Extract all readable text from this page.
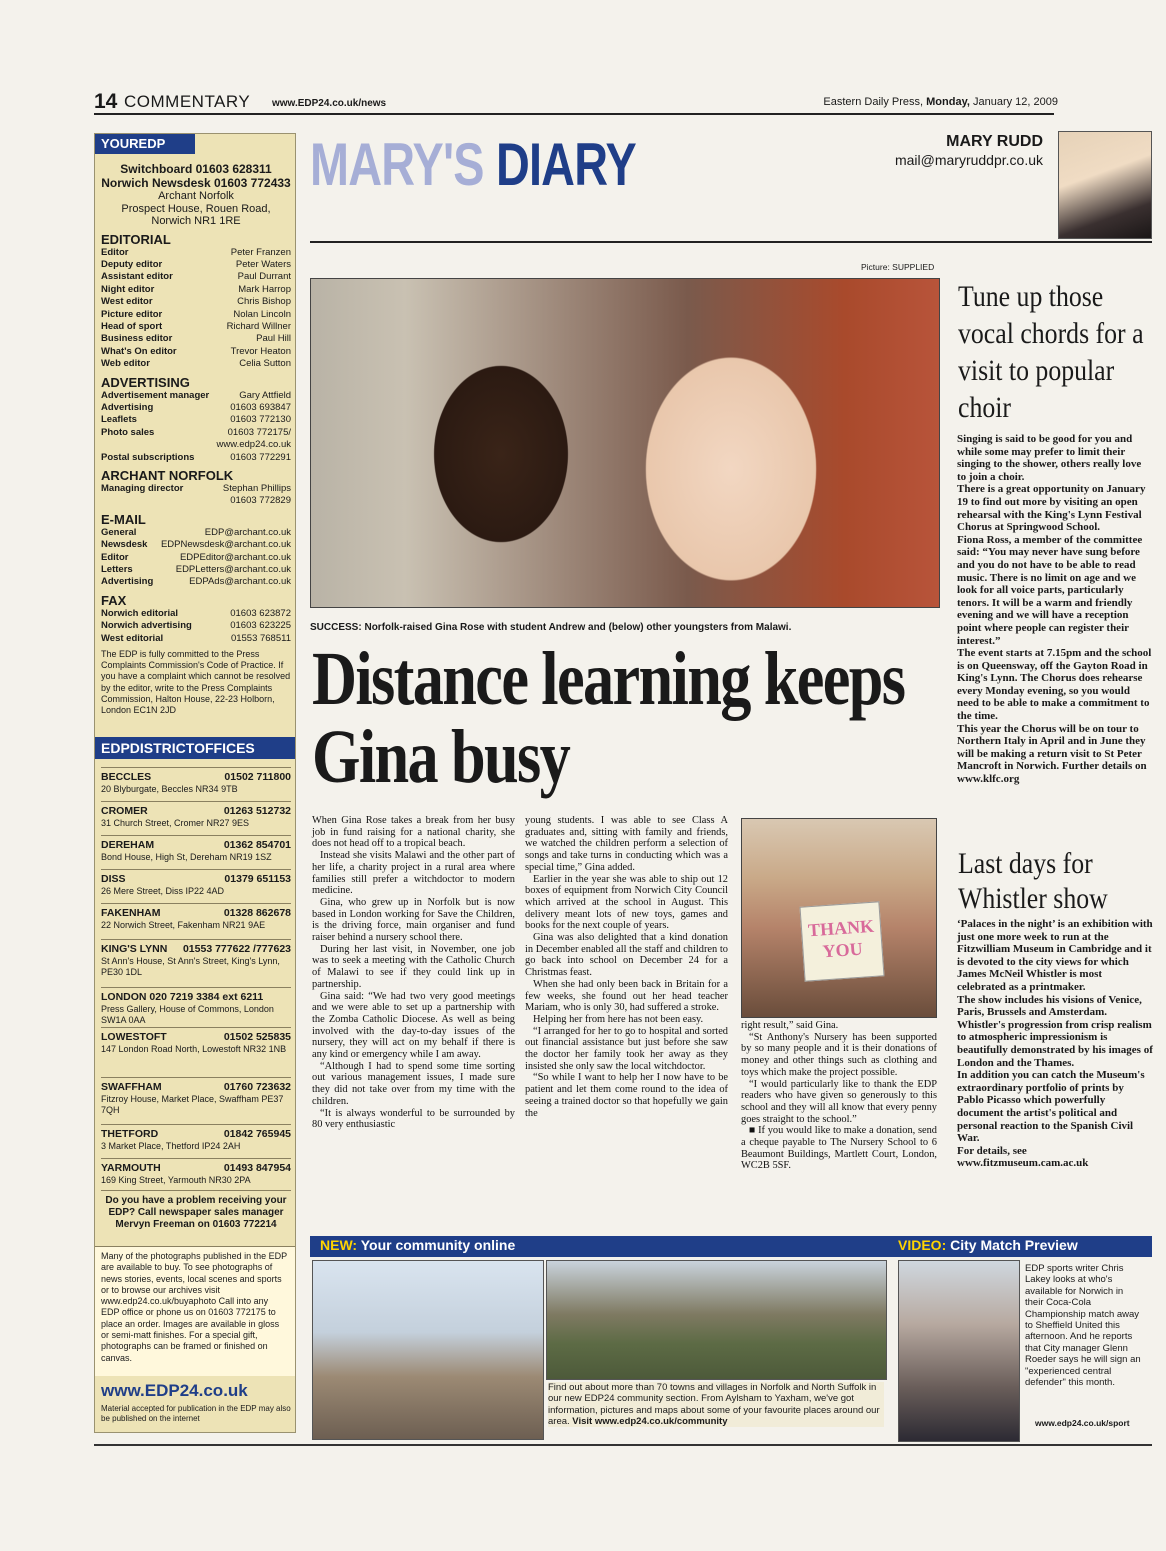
14 COMMENTARY www.EDP24.co.uk/news	Eastern Daily Press, Monday, January 12, 2009
YOUREDP
Switchboard 01603 628311
Norwich Newsdesk 01603 772433
Archant Norfolk
Prospect House, Rouen Road,
Norwich NR1 1RE
EDITORIAL
Editor	Peter Franzen
Deputy editor	Peter Waters
Assistant editor	Paul Durrant
Night editor	Mark Harrop
West editor	Chris Bishop
Picture editor	Nolan Lincoln
Head of sport	Richard Willner
Business editor	Paul Hill
What's On editor	Trevor Heaton
Web editor	Celia Sutton
ADVERTISING
Advertisement manager	Gary Attfield
Advertising	01603 693847
Leaflets	01603 772130
Photo sales	01603 772175/
www.edp24.co.uk
Postal subscriptions	01603 772291
ARCHANT NORFOLK
Managing director	Stephan Phillips
01603 772829
E-MAIL
General	EDP@archant.co.uk
Newsdesk EDPNewsdesk@archant.co.uk
Editor	EDPEditor@archant.co.uk
Letters	EDPLetters@archant.co.uk
Advertising	EDPAds@archant.co.uk
FAX
Norwich editorial	01603 623872
Norwich advertising	01603 623225
West editorial	01553 768511
The EDP is fully committed to the Press Complaints Commission's Code of Practice. If you have a complaint which cannot be resolved by the editor, write to the Press Complaints Commission, Halton House, 22-23 Holborn, London EC1N 2JD
EDPDISTRICTOFFICES
BECCLES	01502 711800
20 Blyburgate, Beccles NR34 9TB
CROMER	01263 512732
31 Church Street, Cromer NR27 9ES
DEREHAM	01362 854701
Bond House, High St, Dereham NR19 1SZ
DISS	01379 651153
26 Mere Street, Diss IP22 4AD
FAKENHAM	01328 862678
22 Norwich Street, Fakenham NR21 9AE
KING'S LYNN 01553 777622 /777623
St Ann's House, St Ann's Street, King's Lynn, PE30 1DL
LONDON 020 7219 3384 ext 6211
Press Gallery, House of Commons, London SW1A 0AA
LOWESTOFT	01502 525835
147 London Road North, Lowestoft NR32 1NB
SWAFFHAM	01760 723632
Fitzroy House, Market Place, Swaffham PE37 7QH
THETFORD	01842 765945
3 Market Place, Thetford IP24 2AH
YARMOUTH	01493 847954
169 King Street, Yarmouth NR30 2PA
Do you have a problem receiving your EDP? Call newspaper sales manager Mervyn Freeman on 01603 772214
Many of the photographs published in the EDP are available to buy. To see photographs of news stories, events, local scenes and sports or to browse our archives visit www.edp24.co.uk/buyaphoto Call into any EDP office or phone us on 01603 772175 to place an order. Images are available in gloss or semi-matt finishes. For a special gift, photographs can be framed or finished on canvas.
www.EDP24.co.uk
Material accepted for publication in the EDP may also be published on the internet
MARY'S DIARY	MARY RUDD
mail@maryruddpr.co.uk
Picture: SUPPLIED
SUCCESS: Norfolk-raised Gina Rose with student Andrew and (below) other youngsters from Malawi.
Distance learning keeps Gina busy

When Gina Rose takes a break from her busy job in fund raising for a national charity, she does not head off to a tropical beach.

Instead she visits Malawi and the other part of her life, a charity project in a rural area where families still prefer a witchdoctor to modern medicine.

Gina, who grew up in Norfolk but is now based in London working for Save the Children, is the driving force, main organiser and fund raiser behind a nursery school there.

During her last visit, in November, one job was to seek a meeting with the Catholic Church of Malawi to see if they could link up in partnership.

Gina said: “We had two very good meetings and we were able to set up a partnership with the Zomba Catholic Diocese. As well as being involved with the day-to-day issues of the nursery, they will act on my behalf if there is any kind or emergency while I am away.

“Although I had to spend some time sorting out various management issues, I made sure they did not take over from my time with the children.

“It is always wonderful to be surrounded by 80 very enthusiastic

young students. I was able to see Class A graduates and, sitting with family and friends, we watched the children perform a selection of songs and take turns in conducting which was a special time,” Gina added.

Earlier in the year she was able to ship out 12 boxes of equipment from Norwich City Council which arrived at the school in August. This delivery meant lots of new toys, games and books for the next couple of years.

Gina was also delighted that a kind donation in December enabled all the staff and children to go back into school on December 24 for a Christmas feast.

When she had only been back in Britain for a few weeks, she found out her head teacher Mariam, who is only 30, had suffered a stroke.

Helping her from here has not been easy.

“I arranged for her to go to hospital and sorted out financial assistance but just before she saw the doctor her family took her away as they insisted she only saw the local witchdoctor.

“So while I want to help her I now have to be patient and let them come round to the idea of seeing a trained doctor so that hopefully we gain the

THANK YOU

right result,” said Gina.

“St Anthony's Nursery has been supported by so many people and it is their donations of money and other things such as clothing and toys which make the project possible.

“I would particularly like to thank the EDP readers who have given so generously to this school and they will all know that every penny goes straight to the school.”

■ If you would like to make a donation, send a cheque payable to The Nursery School to 6 Beaumont Buildings, Martlett Court, London, WC2B 5SF.

Tune up those vocal chords for a visit to popular choir

Singing is said to be good for you and while some may prefer to limit their singing to the shower, others really love to join a choir.

There is a great opportunity on January 19 to find out more by visiting an open rehearsal with the King's Lynn Festival Chorus at Springwood School.

Fiona Ross, a member of the committee said: “You may never have sung before and you do not have to be able to read music. There is no limit on age and we look for all voice parts, particularly tenors. It will be a warm and friendly evening and we will have a reception point where people can register their interest.”

The event starts at 7.15pm and the school is on Queensway, off the Gayton Road in King's Lynn. The Chorus does rehearse every Monday evening, so you would need to be able to make a commitment to the time.

This year the Chorus will be on tour to Northern Italy in April and in June they will be making a return visit to St Peter Mancroft in Norwich. Further details on www.klfc.org

Last days for Whistler show

‘Palaces in the night’ is an exhibition with just one more week to run at the Fitzwilliam Museum in Cambridge and it is devoted to the city views for which James McNeil Whistler is most celebrated as a printmaker.

The show includes his visions of Venice, Paris, Brussels and Amsterdam.

Whistler's progression from crisp realism to atmospheric impressionism is beautifully demonstrated by his images of London and the Thames.

In addition you can catch the Museum's extraordinary portfolio of prints by Pablo Picasso which powerfully document the artist's political and personal reaction to the Spanish Civil War.

For details, see www.fitzmuseum.cam.ac.uk

NEW: Your community online	VIDEO: City Match Preview
Find out about more than 70 towns and villages in Norfolk and North Suffolk in our new EDP24 community section. From Aylsham to Yaxham, we've got information, pictures and maps about some of your favourite places around our area. Visit www.edp24.co.uk/community
EDP sports writer Chris Lakey looks at who's available for Norwich in their Coca-Cola Championship match away to Sheffield United this afternoon. And he reports that City manager Glenn Roeder says he will sign an "experienced central defender" this month.
www.edp24.co.uk/sport
